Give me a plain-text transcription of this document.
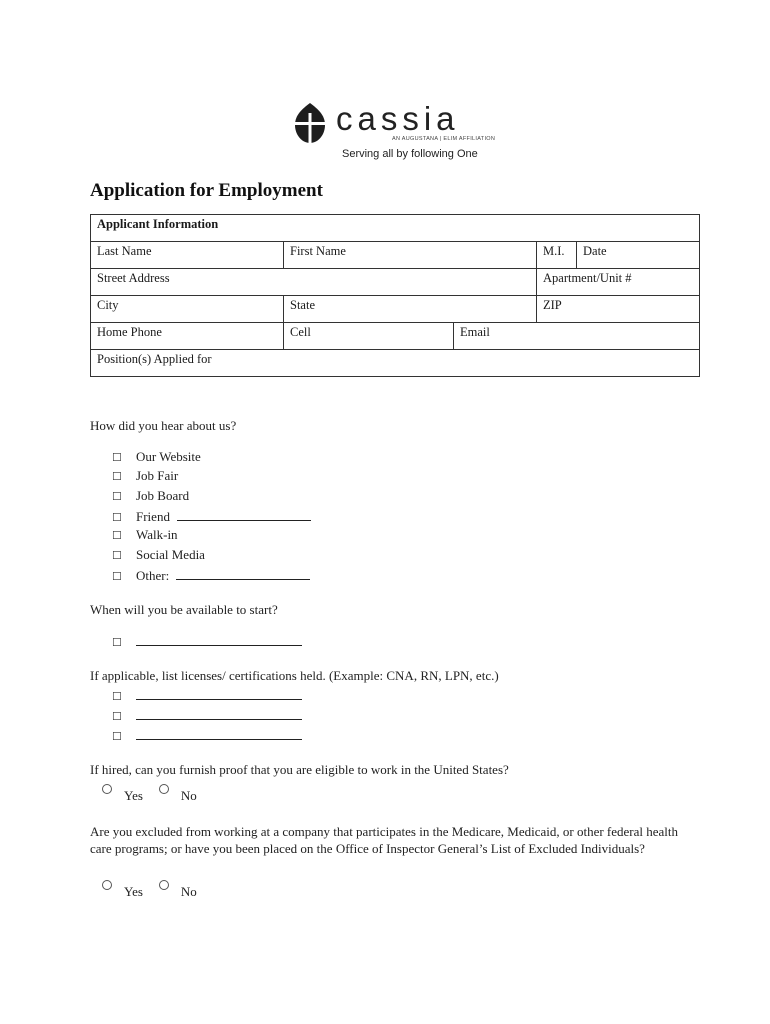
cassia
AN AUGUSTANA | ELIM AFFILIATION
Serving all by following One
Application for Employment
Applicant Information				
Last Name	First Name		M.I.	Date
Street Address			Apartment/Unit #	
City	State		ZIP	
Home Phone	Cell	Email		
Position(s) Applied for				
How did you hear about us?
☐ Our Website
☐ Job Fair
☐ Job Board
☐ Friend
☐ Walk-in
☐ Social Media
☐ Other:
When will you be available to start?
☐
If applicable, list licenses/ certifications held. (Example: CNA, RN, LPN, etc.)
☐
☐
☐
If hired, can you furnish proof that you are eligible to work in the United States?
Yes	No
Are you excluded from working at a company that participates in the Medicare, Medicaid, or other federal health care programs; or have you been placed on the Office of Inspector General’s List of Excluded Individuals?
Yes	No
